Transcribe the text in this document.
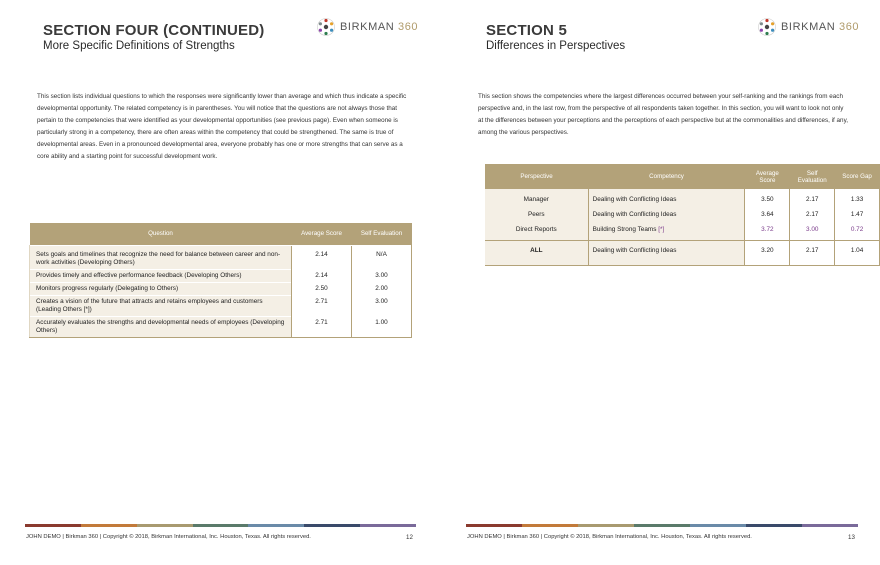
SECTION FOUR (CONTINUED)
More Specific Definitions of Strengths
BIRKMAN 360

This section lists individual questions to which the responses were significantly lower than average and which thus indicate a specific developmental opportunity. The related competency is in parentheses. You will notice that the questions are not always those that pertain to the competencies that were identified as your developmental opportunities (see previous page). Even when someone is particularly strong in a competency, there are often areas within the competency that could be strengthened. The same is true of developmental areas. Even in a pronounced developmental area, everyone probably has one or more strengths that can serve as a core ability and a starting point for successful development work.

Question	Average Score	Self Evaluation
Sets goals and timelines that recognize the need for balance between career and non-work activities (Developing Others)	2.14	N/A
Provides timely and effective performance feedback (Developing Others)	2.14	3.00
Monitors progress regularly (Delegating to Others)	2.50	2.00
Creates a vision of the future that attracts and retains employees and customers (Leading Others [*])	2.71	3.00
Accurately evaluates the strengths and developmental needs of employees (Developing Others)	2.71	1.00
JOHN DEMO | Birkman 360 | Copyright © 2018, Birkman International, Inc. Houston, Texas. All rights reserved.	12
SECTION 5
Differences in Perspectives
BIRKMAN 360

This section shows the competencies where the largest differences occurred between your self-ranking and the rankings from each perspective and, in the last row, from the perspective of all respondents taken together. In this section, you will want to look not only at the differences between your perceptions and the perceptions of each perspective but at the commonalities and differences, if any, among the various perspectives.

Perspective	Competency	Average Score	Self Evaluation	Score Gap
Manager	Dealing with Conflicting Ideas	3.50	2.17	1.33
Peers	Dealing with Conflicting Ideas	3.64	2.17	1.47
Direct Reports	Building Strong Teams [*]	3.72	3.00	0.72
ALL	Dealing with Conflicting Ideas	3.20	2.17	1.04
JOHN DEMO | Birkman 360 | Copyright © 2018, Birkman International, Inc. Houston, Texas. All rights reserved.	13
